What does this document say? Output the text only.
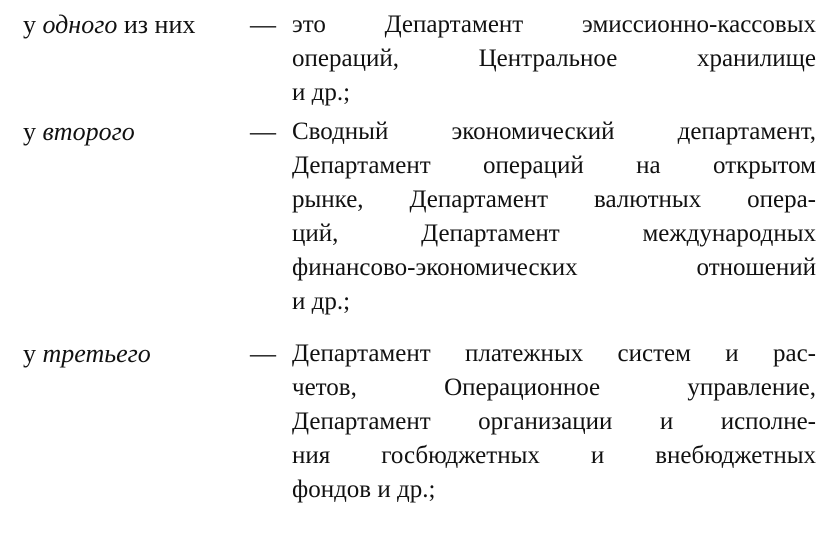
у одного из них — это Департамент эмиссионно-кассовых
операций, Центральное хранилище
и др.;
у второго	— Сводный экономический департамент,
Департамент операций на открытом
рынке, Департамент валютных опера-
ций, Департамент международных
финансово-экономических отношений
и др.;
у третьего	— Департамент платежных систем и рас-
четов, Операционное управление,
Департамент организации и исполне-
ния госбюджетных и внебюджетных
фондов и др.;
